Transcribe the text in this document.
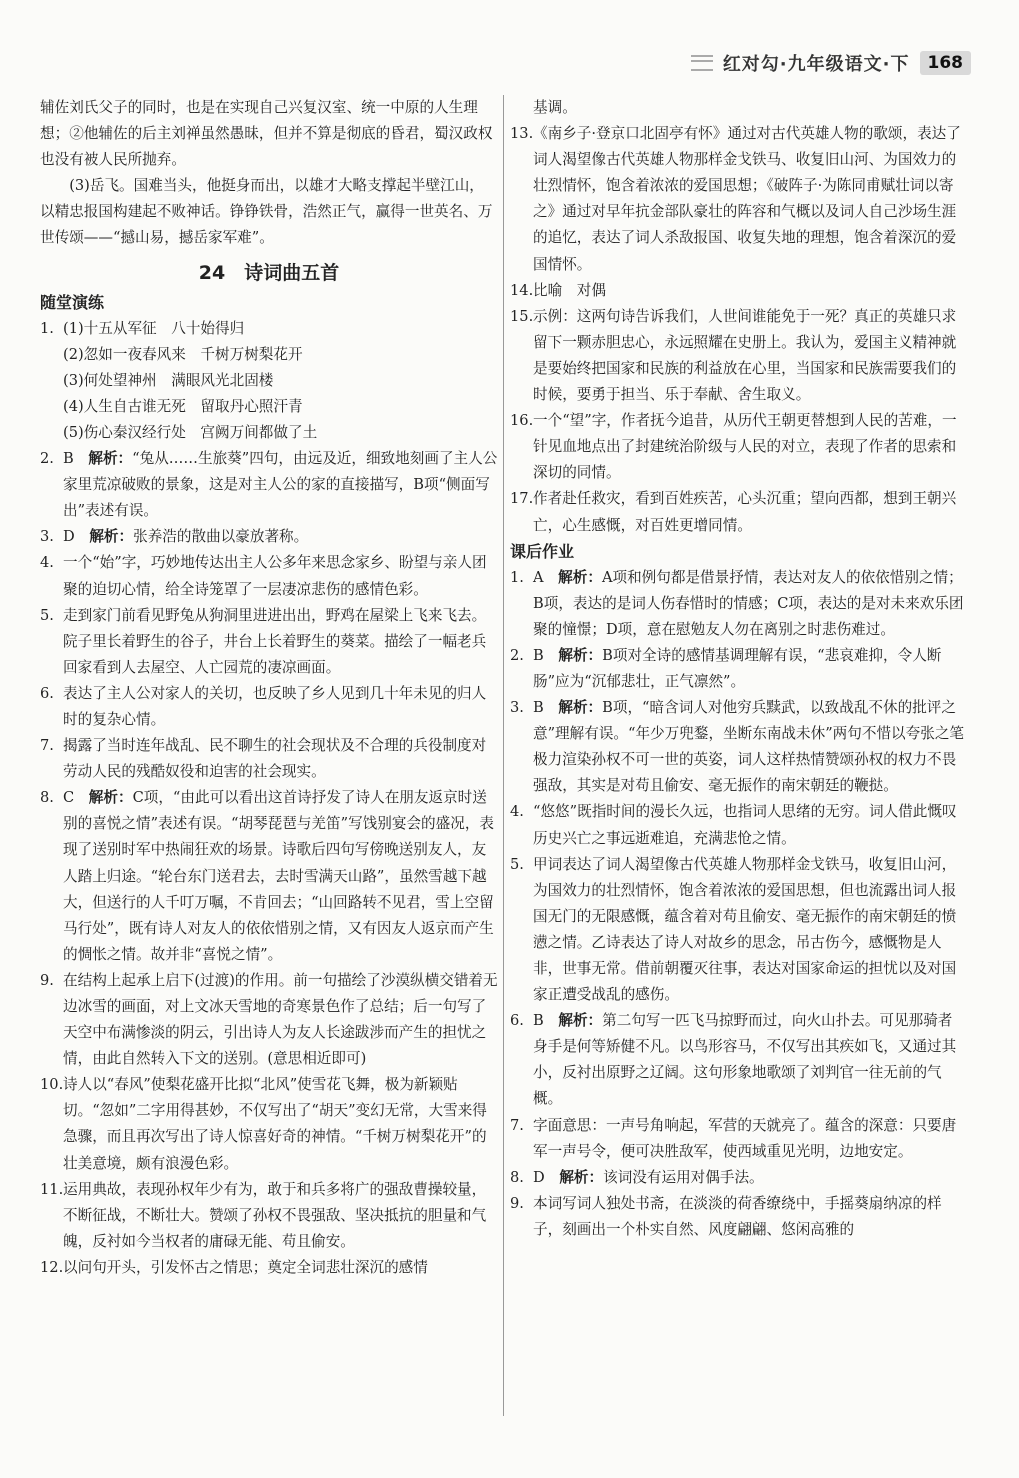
红对勾·九年级语文·下	168

辅佐刘氏父子的同时，也是在实现自己兴复汉室、统一中原的人生理想；②他辅佐的后主刘禅虽然愚昧，但并不算是彻底的昏君，蜀汉政权也没有被人民所抛弃。

(3)岳飞。国难当头，他挺身而出，以雄才大略支撑起半壁江山，以精忠报国构建起不败神话。铮铮铁骨，浩然正气，赢得一世英名、万世传颂——“撼山易，撼岳家军难”。

24　诗词曲五首
随堂演练
1. (1)十五从军征　八十始得归
(2)忽如一夜春风来　千树万树梨花开
(3)何处望神州　满眼风光北固楼
(4)人生自古谁无死　留取丹心照汗青
(5)伤心秦汉经行处　宫阙万间都做了土
2. B　 解析：“兔从……生旅葵”四句，由远及近，细致地刻画了主人公家里荒凉破败的景象，这是对主人公的家的直接描写，B项“侧面写出”表述有误。
3. D　 解析：张养浩的散曲以豪放著称。
4. 一个“始”字，巧妙地传达出主人公多年来思念家乡、盼望与亲人团聚的迫切心情，给全诗笼罩了一层凄凉悲伤的感情色彩。
5. 走到家门前看见野兔从狗洞里进进出出，野鸡在屋梁上飞来飞去。院子里长着野生的谷子，井台上长着野生的葵菜。描绘了一幅老兵回家看到人去屋空、人亡园荒的凄凉画面。
6. 表达了主人公对家人的关切，也反映了乡人见到几十年未见的归人时的复杂心情。
7. 揭露了当时连年战乱、民不聊生的社会现状及不合理的兵役制度对劳动人民的残酷奴役和迫害的社会现实。
8. C　 解析：C项，“由此可以看出这首诗抒发了诗人在朋友返京时送别的喜悦之情”表述有误。“胡琴琵琶与羌笛”写饯别宴会的盛况，表现了送别时军中热闹狂欢的场景。诗歌后四句写傍晚送别友人，友人踏上归途。“轮台东门送君去，去时雪满天山路”，虽然雪越下越大，但送行的人千叮万嘱，不肯回去；“山回路转不见君，雪上空留马行处”，既有诗人对友人的依依惜别之情，又有因友人返京而产生的惆怅之情。故并非“喜悦之情”。
9. 在结构上起承上启下(过渡)的作用。前一句描绘了沙漠纵横交错着无边冰雪的画面，对上文冰天雪地的奇寒景色作了总结；后一句写了天空中布满惨淡的阴云，引出诗人为友人长途跋涉而产生的担忧之情，由此自然转入下文的送别。(意思相近即可)
10. 诗人以“春风”使梨花盛开比拟“北风”使雪花飞舞，极为新颖贴切。“忽如”二字用得甚妙，不仅写出了“胡天”变幻无常，大雪来得急骤，而且再次写出了诗人惊喜好奇的神情。“千树万树梨花开”的壮美意境，颇有浪漫色彩。
11. 运用典故，表现孙权年少有为，敢于和兵多将广的强敌曹操较量，不断征战，不断壮大。赞颂了孙权不畏强敌、坚决抵抗的胆量和气魄，反衬如今当权者的庸碌无能、苟且偷安。
12. 以问句开头，引发怀古之情思；奠定全词悲壮深沉的感情

基调。

13. 《南乡子·登京口北固亭有怀》通过对古代英雄人物的歌颂，表达了词人渴望像古代英雄人物那样金戈铁马、收复旧山河、为国效力的壮烈情怀，饱含着浓浓的爱国思想；《破阵子·为陈同甫赋壮词以寄之》通过对早年抗金部队豪壮的阵容和气概以及词人自己沙场生涯的追忆，表达了词人杀敌报国、收复失地的理想，饱含着深沉的爱国情怀。
14. 比喻　对偶
15. 示例：这两句诗告诉我们，人世间谁能免于一死？真正的英雄只求留下一颗赤胆忠心，永远照耀在史册上。我认为，爱国主义精神就是要始终把国家和民族的利益放在心里，当国家和民族需要我们的时候，要勇于担当、乐于奉献、舍生取义。
16. 一个“望”字，作者抚今追昔，从历代王朝更替想到人民的苦难，一针见血地点出了封建统治阶级与人民的对立，表现了作者的思索和深切的同情。
17. 作者赴任救灾，看到百姓疾苦，心头沉重；望向西都，想到王朝兴亡，心生感慨，对百姓更增同情。
课后作业
1. A　 解析：A项和例句都是借景抒情，表达对友人的依依惜别之情；B项，表达的是词人伤春惜时的情感；C项，表达的是对未来欢乐团聚的憧憬；D项，意在慰勉友人勿在离别之时悲伤难过。
2. B　 解析：B项对全诗的感情基调理解有误，“悲哀难抑，令人断肠”应为“沉郁悲壮，正气凛然”。
3. B　 解析：B项，“暗含词人对他穷兵黩武，以致战乱不休的批评之意”理解有误。“年少万兜鍪，坐断东南战未休”两句不惜以夸张之笔极力渲染孙权不可一世的英姿，词人这样热情赞颂孙权的权力不畏强敌，其实是对苟且偷安、毫无振作的南宋朝廷的鞭挞。
4. “悠悠”既指时间的漫长久远，也指词人思绪的无穷。词人借此慨叹历史兴亡之事远逝难追，充满悲怆之情。
5. 甲词表达了词人渴望像古代英雄人物那样金戈铁马，收复旧山河，为国效力的壮烈情怀，饱含着浓浓的爱国思想，但也流露出词人报国无门的无限感慨，蕴含着对苟且偷安、毫无振作的南宋朝廷的愤懑之情。乙诗表达了诗人对故乡的思念，吊古伤今，感慨物是人非，世事无常。借前朝覆灭往事，表达对国家命运的担忧以及对国家正遭受战乱的感伤。
6. B　 解析：第二句写一匹飞马掠野而过，向火山扑去。可见那骑者身手是何等矫健不凡。以鸟形容马，不仅写出其疾如飞，又通过其小，反衬出原野之辽阔。这句形象地歌颂了刘判官一往无前的气概。
7. 字面意思：一声号角响起，军营的天就亮了。蕴含的深意：只要唐军一声号令，便可决胜敌军，使西域重见光明，边地安定。
8. D　 解析：该词没有运用对偶手法。
9. 本词写词人独处书斋，在淡淡的荷香缭绕中，手摇葵扇纳凉的样子，刻画出一个朴实自然、风度翩翩、悠闲高雅的
